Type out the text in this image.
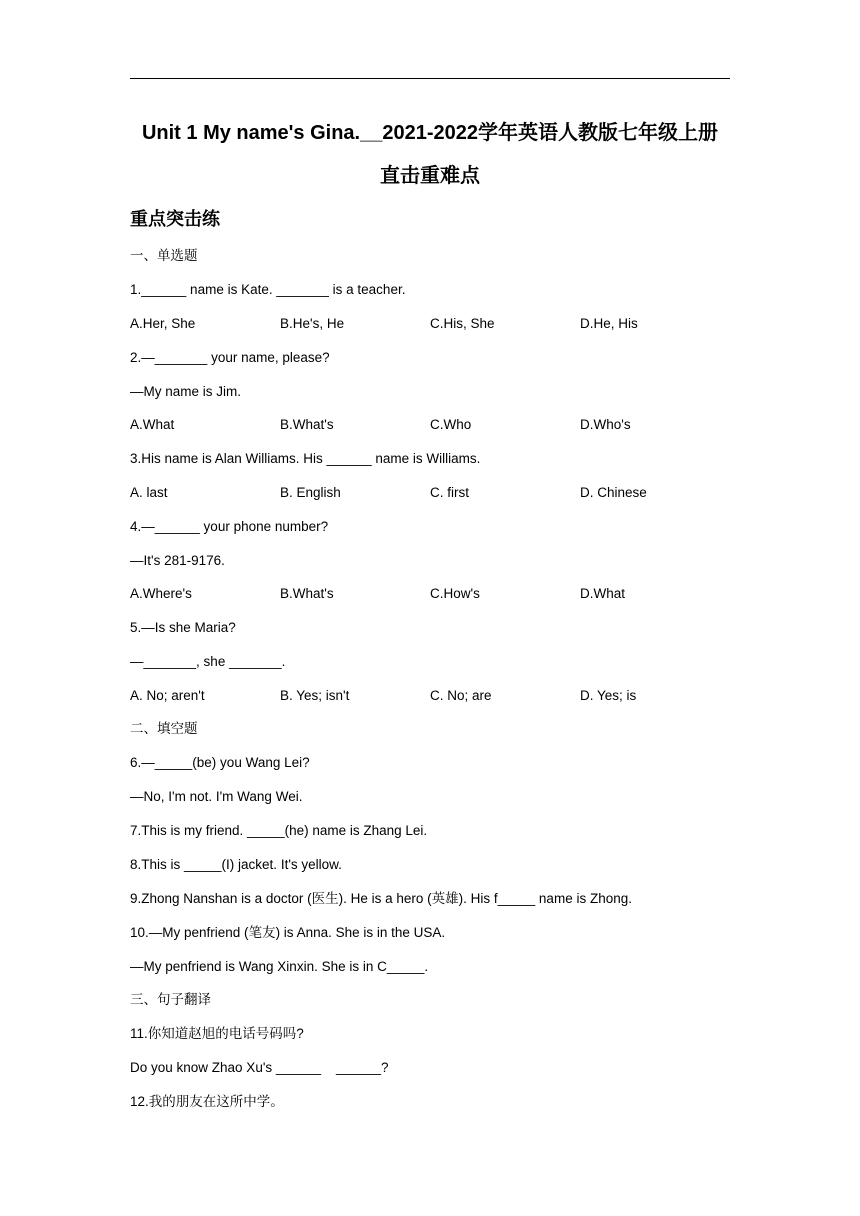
Unit 1 My name's Gina.__2021-2022学年英语人教版七年级上册
直击重难点
重点突击练
一、单选题
1.______ name is Kate. _______ is a teacher.
A.Her, She	B.He's, He	C.His, She	D.He, His
2.—_______ your name, please?
—My name is Jim.
A.What	B.What's	C.Who	D.Who's
3.His name is Alan Williams. His ______ name is Williams.
A. last	B. English	C. first	D. Chinese
4.—______ your phone number?
—It's 281-9176.
A.Where's	B.What's	C.How's	D.What
5.—Is she Maria?
—_______, she _______.
A. No; aren't	B. Yes; isn't	C. No; are	D. Yes; is
二、填空题
6.—_____(be) you Wang Lei?
—No, I'm not. I'm Wang Wei.
7.This is my friend. _____(he) name is Zhang Lei.
8.This is _____(I) jacket. It's yellow.
9.Zhong Nanshan is a doctor (医生). He is a hero (英雄). His f_____ name is Zhong.
10.—My penfriend (笔友) is Anna. She is in the USA.
—My penfriend is Wang Xinxin. She is in C_____.
三、句子翻译
11.你知道赵旭的电话号码吗?
Do you know Zhao Xu's ______    ______?
12.我的朋友在这所中学。
